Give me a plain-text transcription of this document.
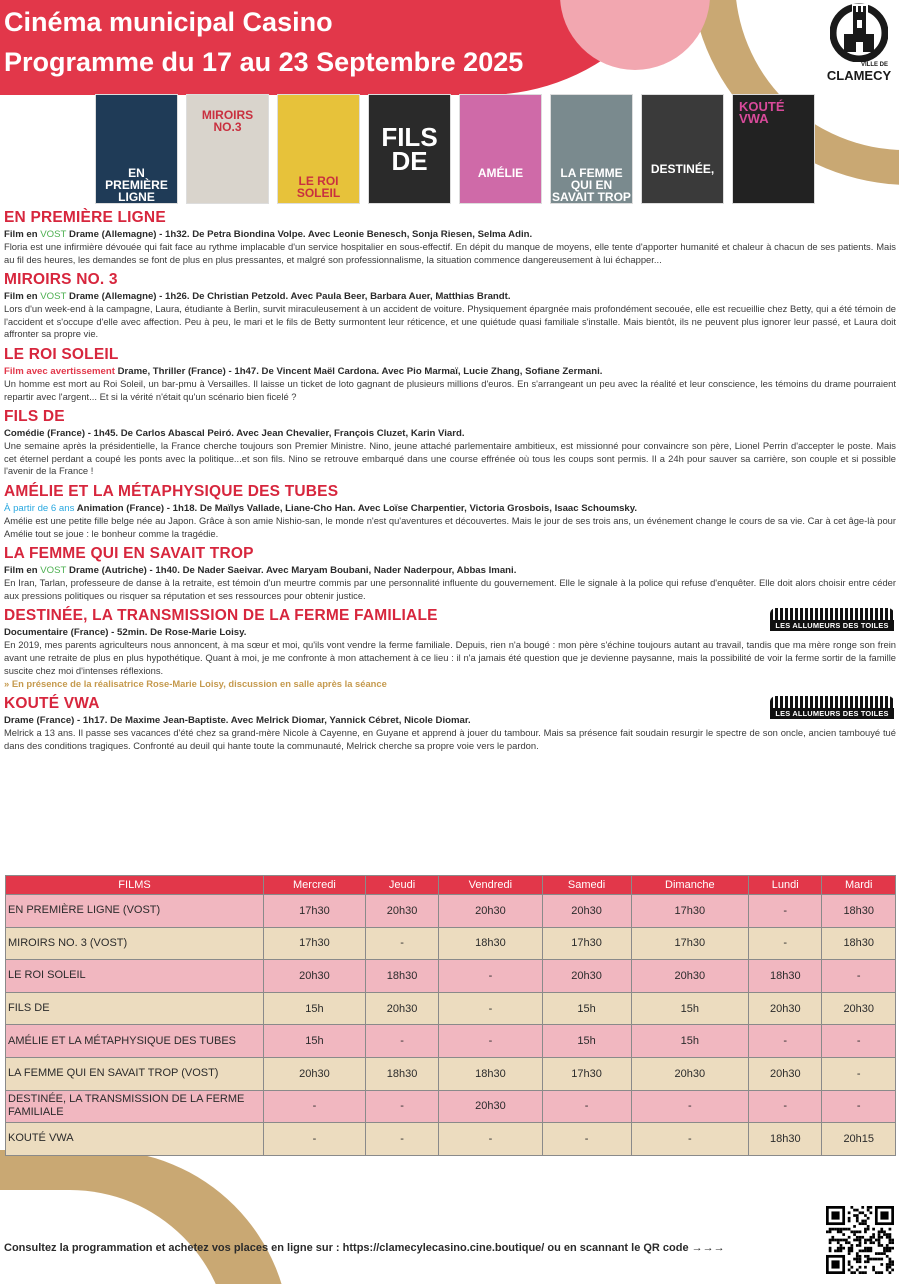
Cinéma municipal Casino
Programme du 17 au 23 Septembre 2025	VILLE DE
CLAMECY
EN PREMIÈRE LIGNE
MIROIRS NO.3
LE ROI SOLEIL
FILS DE	AMÉLIE	LA FEMME QUI EN SAVAIT TROP
DESTINÉE,
KOUTÉ VWA
EN PREMIÈRE LIGNE
Film en VOST Drame (Allemagne) - 1h32. De Petra Biondina Volpe. Avec Leonie Benesch, Sonja Riesen, Selma Adin.
Floria est une infirmière dévouée qui fait face au rythme implacable d'un service hospitalier en sous-effectif. En dépit du manque de moyens, elle tente d'apporter humanité et chaleur à chacun de ses patients. Mais au fil des heures, les demandes se font de plus en plus pressantes, et malgré son professionnalisme, la situation commence dangereusement à lui échapper...
MIROIRS NO. 3
Film en VOST Drame (Allemagne) - 1h26. De Christian Petzold. Avec Paula Beer, Barbara Auer, Matthias Brandt.
Lors d'un week-end à la campagne, Laura, étudiante à Berlin, survit miraculeusement à un accident de voiture. Physiquement épargnée mais profondément secouée, elle est recueillie chez Betty, qui a été témoin de l'accident et s'occupe d'elle avec affection. Peu à peu, le mari et le fils de Betty surmontent leur réticence, et une quiétude quasi familiale s'installe. Mais bientôt, ils ne peuvent plus ignorer leur passé, et Laura doit affronter sa propre vie.
LE ROI SOLEIL
Film avec avertissement Drame, Thriller (France) - 1h47. De Vincent Maël Cardona. Avec Pio Marmaï, Lucie Zhang, Sofiane Zermani.
Un homme est mort au Roi Soleil, un bar-pmu à Versailles. Il laisse un ticket de loto gagnant de plusieurs millions d'euros. En s'arrangeant un peu avec la réalité et leur conscience, les témoins du drame pourraient repartir avec l'argent... Et si la vérité n'était qu'un scénario bien ficelé ?
FILS DE
Comédie (France) - 1h45. De Carlos Abascal Peiró. Avec Jean Chevalier, François Cluzet, Karin Viard.
Une semaine après la présidentielle, la France cherche toujours son Premier Ministre. Nino, jeune attaché parlementaire ambitieux, est missionné pour convaincre son père, Lionel Perrin d'accepter le poste. Mais cet éternel perdant a coupé les ponts avec la politique...et son fils. Nino se retrouve embarqué dans une course effrénée où tous les coups sont permis. Il a 24h pour sauver sa carrière, son couple et si possible l'avenir de la France !
AMÉLIE ET LA MÉTAPHYSIQUE DES TUBES
À partir de 6 ans Animation (France) - 1h18. De Maïlys Vallade, Liane-Cho Han. Avec Loïse Charpentier, Victoria Grosbois, Isaac Schoumsky.
Amélie est une petite fille belge née au Japon. Grâce à son amie Nishio-san, le monde n'est qu'aventures et découvertes. Mais le jour de ses trois ans, un événement change le cours de sa vie. Car à cet âge-là pour Amélie tout se joue : le bonheur comme la tragédie.
LA FEMME QUI EN SAVAIT TROP
Film en VOST Drame (Autriche) - 1h40. De Nader Saeivar. Avec Maryam Boubani, Nader Naderpour, Abbas Imani.
En Iran, Tarlan, professeure de danse à la retraite, est témoin d'un meurtre commis par une personnalité influente du gouvernement. Elle le signale à la police qui refuse d'enquêter. Elle doit alors choisir entre céder aux pressions politiques ou risquer sa réputation et ses ressources pour obtenir justice.
DESTINÉE, LA TRANSMISSION DE LA FERME FAMILIALE
Documentaire (France) - 52min. De Rose-Marie Loisy.
En 2019, mes parents agriculteurs nous annoncent, à ma sœur et moi, qu'ils vont vendre la ferme familiale. Depuis, rien n'a bougé : mon père s'échine toujours autant au travail, tandis que ma mère ronge son frein avant une retraite de plus en plus hypothétique. Quant à moi, je me confronte à mon attachement à ce lieu : il n'a jamais été question que je devienne paysanne, mais la possibilité de voir la ferme sortir de la famille suscite chez moi d'intenses réflexions.
» En présence de la réalisatrice Rose-Marie Loisy, discussion en salle après la séance
LES ALLUMEURS DES TOILES
KOUTÉ VWA
Drame (France) - 1h17. De Maxime Jean-Baptiste. Avec Melrick Diomar, Yannick Cébret, Nicole Diomar.
Melrick a 13 ans. Il passe ses vacances d'été chez sa grand-mère Nicole à Cayenne, en Guyane et apprend à jouer du tambour. Mais sa présence fait soudain resurgir le spectre de son oncle, ancien tambouyé tué dans des conditions tragiques. Confronté au deuil qui hante toute la communauté, Melrick cherche sa propre voie vers le pardon.
LES ALLUMEURS DES TOILES
FILMS	Mercredi	Jeudi	Vendredi	Samedi	Dimanche	Lundi	Mardi
EN PREMIÈRE LIGNE (VOST)	17h30	20h30	20h30	20h30	17h30	-	18h30
MIROIRS NO. 3 (VOST)	17h30	-	18h30	17h30	17h30	-	18h30
LE ROI SOLEIL	20h30	18h30	-	20h30	20h30	18h30	-
FILS DE	15h	20h30	-	15h	15h	20h30	20h30
AMÉLIE ET LA MÉTAPHYSIQUE DES TUBES	15h	-	-	15h	15h	-	-
LA FEMME QUI EN SAVAIT TROP (VOST)	20h30	18h30	18h30	17h30	20h30	20h30	-
DESTINÉE, LA TRANSMISSION DE LA FERME FAMILIALE	-	-	20h30	-	-	-	-
KOUTÉ VWA	-	-	-	-	-	18h30	20h15
NOUVEAUTÉ :
Consultez la programmation et achetez vos places en ligne sur : https://clamecylecasino.cine.boutique/ ou en scannant le QR code →→→
